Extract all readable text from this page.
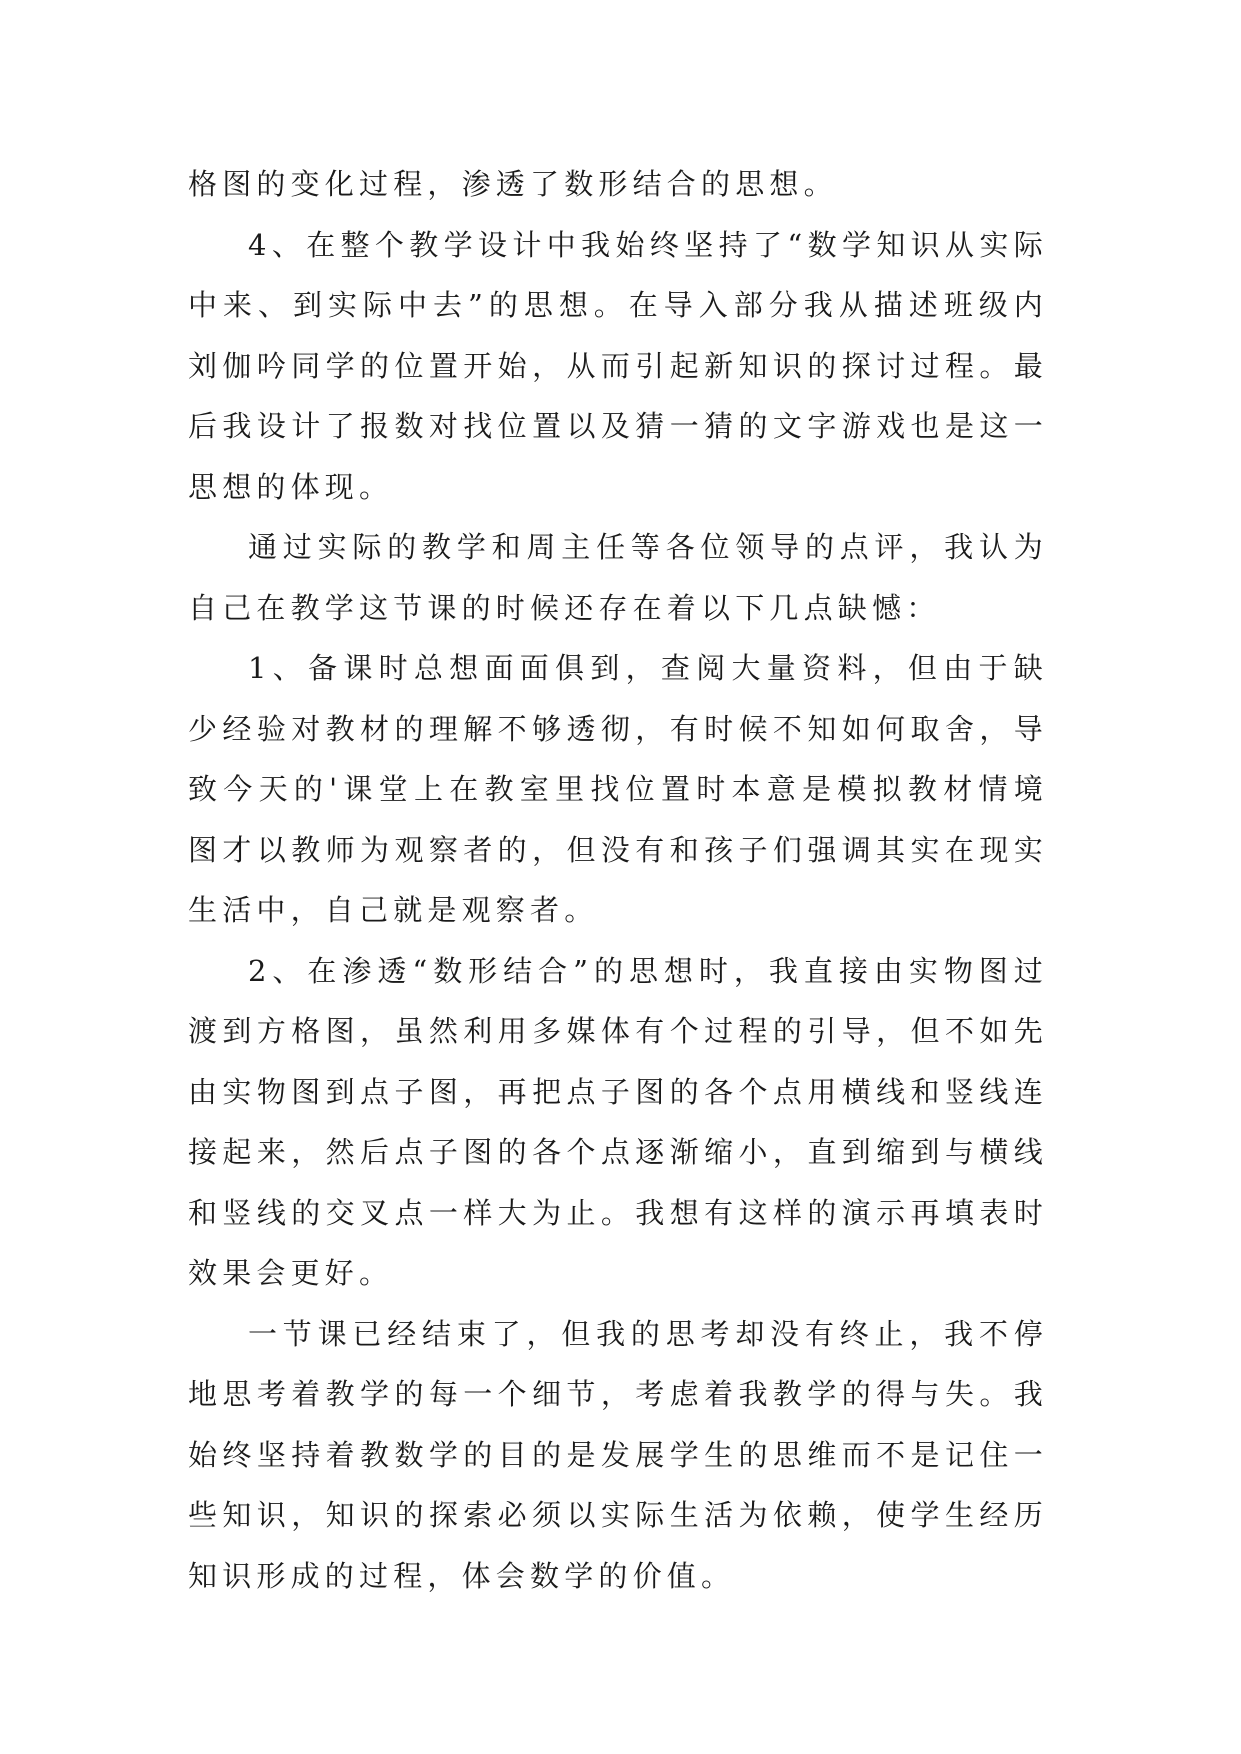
格图的变化过程，渗透了数形结合的思想。

4、在整个教学设计中我始终坚持了“数学知识从实际中来、到实际中去”的思想。在导入部分我从描述班级内刘伽吟同学的位置开始，从而引起新知识的探讨过程。最后我设计了报数对找位置以及猜一猜的文字游戏也是这一思想的体现。

通过实际的教学和周主任等各位领导的点评，我认为自己在教学这节课的时候还存在着以下几点缺憾：

1、备课时总想面面俱到，查阅大量资料，但由于缺少经验对教材的理解不够透彻，有时候不知如何取舍，导致今天的'课堂上在教室里找位置时本意是模拟教材情境图才以教师为观察者的，但没有和孩子们强调其实在现实生活中，自己就是观察者。

2、在渗透“数形结合”的思想时，我直接由实物图过渡到方格图，虽然利用多媒体有个过程的引导，但不如先由实物图到点子图，再把点子图的各个点用横线和竖线连接起来，然后点子图的各个点逐渐缩小，直到缩到与横线和竖线的交叉点一样大为止。我想有这样的演示再填表时效果会更好。

一节课已经结束了，但我的思考却没有终止，我不停地思考着教学的每一个细节，考虑着我教学的得与失。我始终坚持着教数学的目的是发展学生的思维而不是记住一些知识，知识的探索必须以实际生活为依赖，使学生经历知识形成的过程，体会数学的价值。
